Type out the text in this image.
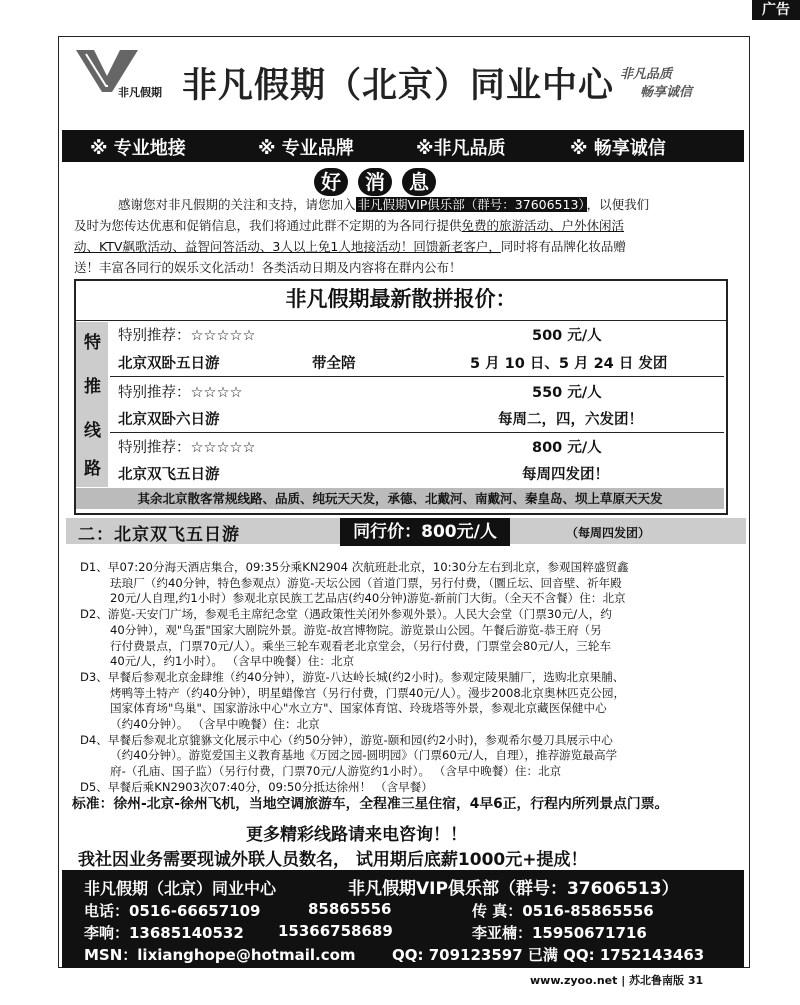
广告
非凡假期 非凡假期（北京）同业中心 非凡品质
畅享诚信
※ 专业地接	※ 专业品牌	※非凡品质	※ 畅享诚信
好 消 息
感谢您对非凡假期的关注和支持，请您加入 非凡假期VIP俱乐部（群号：37606513） ，以便我们
及时为您传达优惠和促销信息，我们将通过此群不定期的为各同行提供免费的旅游活动、户外休闲活
动、KTV飙歌活动、益智问答活动、3人以上免1人地接活动！回馈新老客户，同时将有品牌化妆品赠
送！丰富各同行的娱乐文化活动！各类活动日期及内容将在群内公布！
非凡假期最新散拼报价：
特
推
线
路
特别推荐：☆☆☆☆☆	500 元/人
北京双卧五日游	带全陪	5 月 10 日、5 月 24 日 发团
特别推荐：☆☆☆☆	550 元/人
北京双卧六日游	每周二，四，六发团！
特别推荐：☆☆☆☆☆	800 元/人
北京双飞五日游	每周四发团！
其余北京散客常规线路、品质、纯玩天天发，承德、北戴河、南戴河、秦皇岛、坝上草原天天发
二：北京双飞五日游	同行价：800元/人	（每周四发团）

D1、早07:20分海天酒店集合，09:35分乘KN2904 次航班赴北京，10:30分左右到北京，参观国粹盛贸鑫

珐琅厂（约40分钟，特色参观点）游览-天坛公园（首道门票，另行付费，（圜丘坛、回音壁、祈年殿

20元/人自理,约1小时）参观北京民族工艺品店(约40分钟)游览-新前门大街。（全天不含餐）住：北京

D2、游览-天安门广场，参观毛主席纪念堂（遇政策性关闭外参观外景）。人民大会堂（门票30元/人，约

40分钟），观"鸟蛋"国家大剧院外景。游览-故宫博物院。游览景山公园。午餐后游览-恭王府（另

行付费景点，门票70元/人）。乘坐三轮车观看老北京堂会，（另行付费，门票堂会80元/人，三轮车

40元/人，约1小时）。 （含早中晚餐）住：北京

D3、早餐后参观北京金肆维（约40分钟），游览-八达岭长城(约2小时)。参观定陵果脯厂，选购北京果脯、

烤鸭等土特产（约40分钟），明星蜡像宫（另行付费，门票40元/人）。漫步2008北京奥林匹克公园，

国家体育场"鸟巢"、国家游泳中心"水立方"、国家体育馆、玲珑塔等外景，参观北京藏医保健中心

（约40分钟）。 （含早中晚餐）住：北京

D4、早餐后参观北京貔貅文化展示中心（约50分钟），游览-颐和园(约2小时)，参观希尔曼刀具展示中心

（约40分钟）。游览爱国主义教育基地《万园之园-圆明园》（门票60元/人，自理），推荐游览最高学

府-（孔庙、国子监）（另行付费，门票70元/人游览约1小时）。 （含早中晚餐）住：北京

D5、早餐后乘KN2903次07:40分，09:50分抵达徐州！ （含早餐）

标准：徐州-北京-徐州飞机，当地空调旅游车，全程准三星住宿，4早6正，行程内所列景点门票。
更多精彩线路请来电咨询！！
我社因业务需要现诚外联人员数名， 试用期后底薪1000元+提成！
非凡假期（北京）同业中心	非凡假期VIP俱乐部（群号：37606513）
电话：0516-66657109	85865556	传 真：0516-85865556
李响：13685140532 15366758689	李亚楠：15950671716
MSN：lixianghope@hotmail.com QQ: 709123597 已满 QQ: 1752143463
www.zyoo.net | 苏北鲁南版 31
